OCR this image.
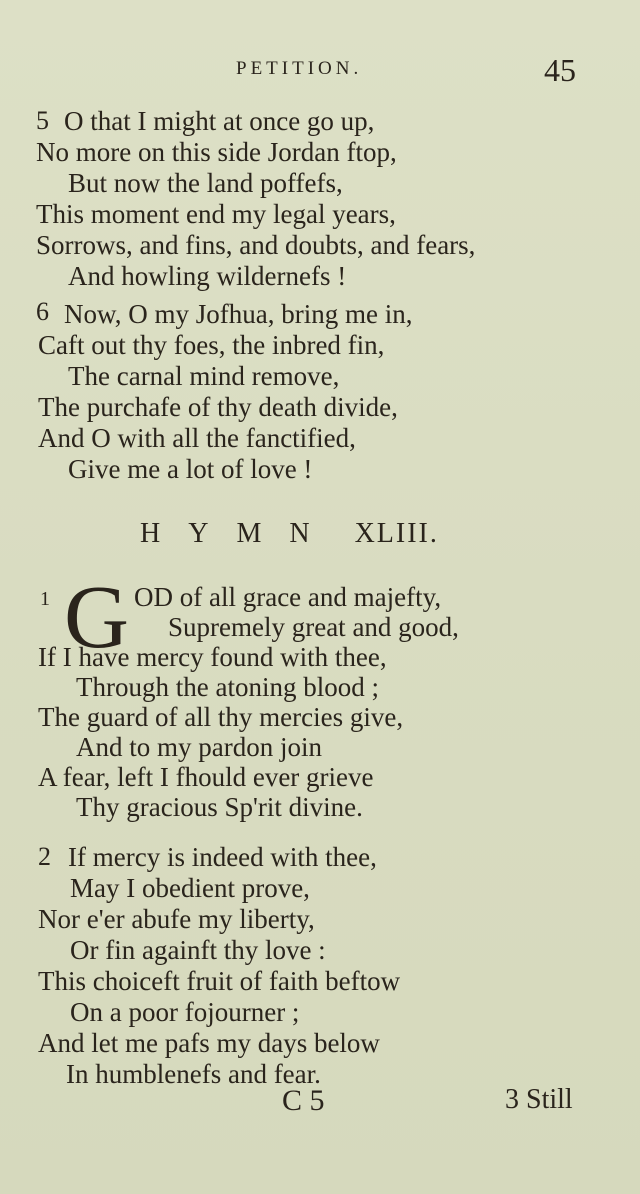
PETITION.	45
5 O that I might at once go up,
No more on this side Jordan ftop,
But now the land poffefs,
This moment end my legal years,
Sorrows, and fins, and doubts, and fears,
And howling wildernefs !
6 Now, O my Jofhua, bring me in,
Caft out thy foes, the inbred fin,
The carnal mind remove,
The purchafe of thy death divide,
And O with all the fanctified,
Give me a lot of love !
HYMN XLIII.
1 G OD of all grace and majefty,
Supremely great and good,
If I have mercy found with thee,
Through the atoning blood ;
The guard of all thy mercies give,
And to my pardon join
A fear, left I fhould ever grieve
Thy gracious Sp'rit divine.
2 If mercy is indeed with thee,
May I obedient prove,
Nor e'er abufe my liberty,
Or fin againft thy love :
This choiceft fruit of faith beftow
On a poor fojourner ;
And let me pafs my days below
In humblenefs and fear.
C 5	3 Still
